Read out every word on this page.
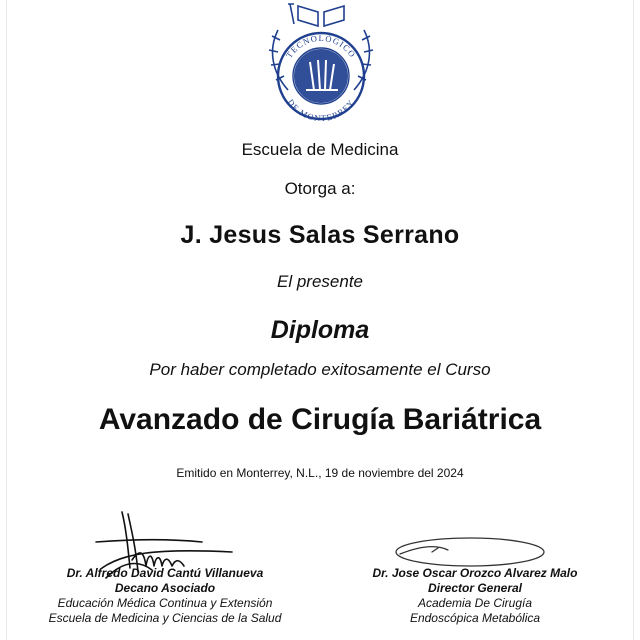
TECNOLÓGICO
DE MONTERREY
Escuela de Medicina
Otorga a:
J. Jesus Salas Serrano
El presente
Diploma
Por haber completado exitosamente el Curso
Avanzado de Cirugía Bariátrica
Emitido en Monterrey, N.L., 19 de noviembre del 2024
Dr. Alfredo David Cantú Villanueva
Decano Asociado
Educación Médica Continua y Extensión
Escuela de Medicina y Ciencias de la Salud
Dr. Jose Oscar Orozco Alvarez Malo
Director General
Academia De Cirugía
Endoscópica Metabólica
